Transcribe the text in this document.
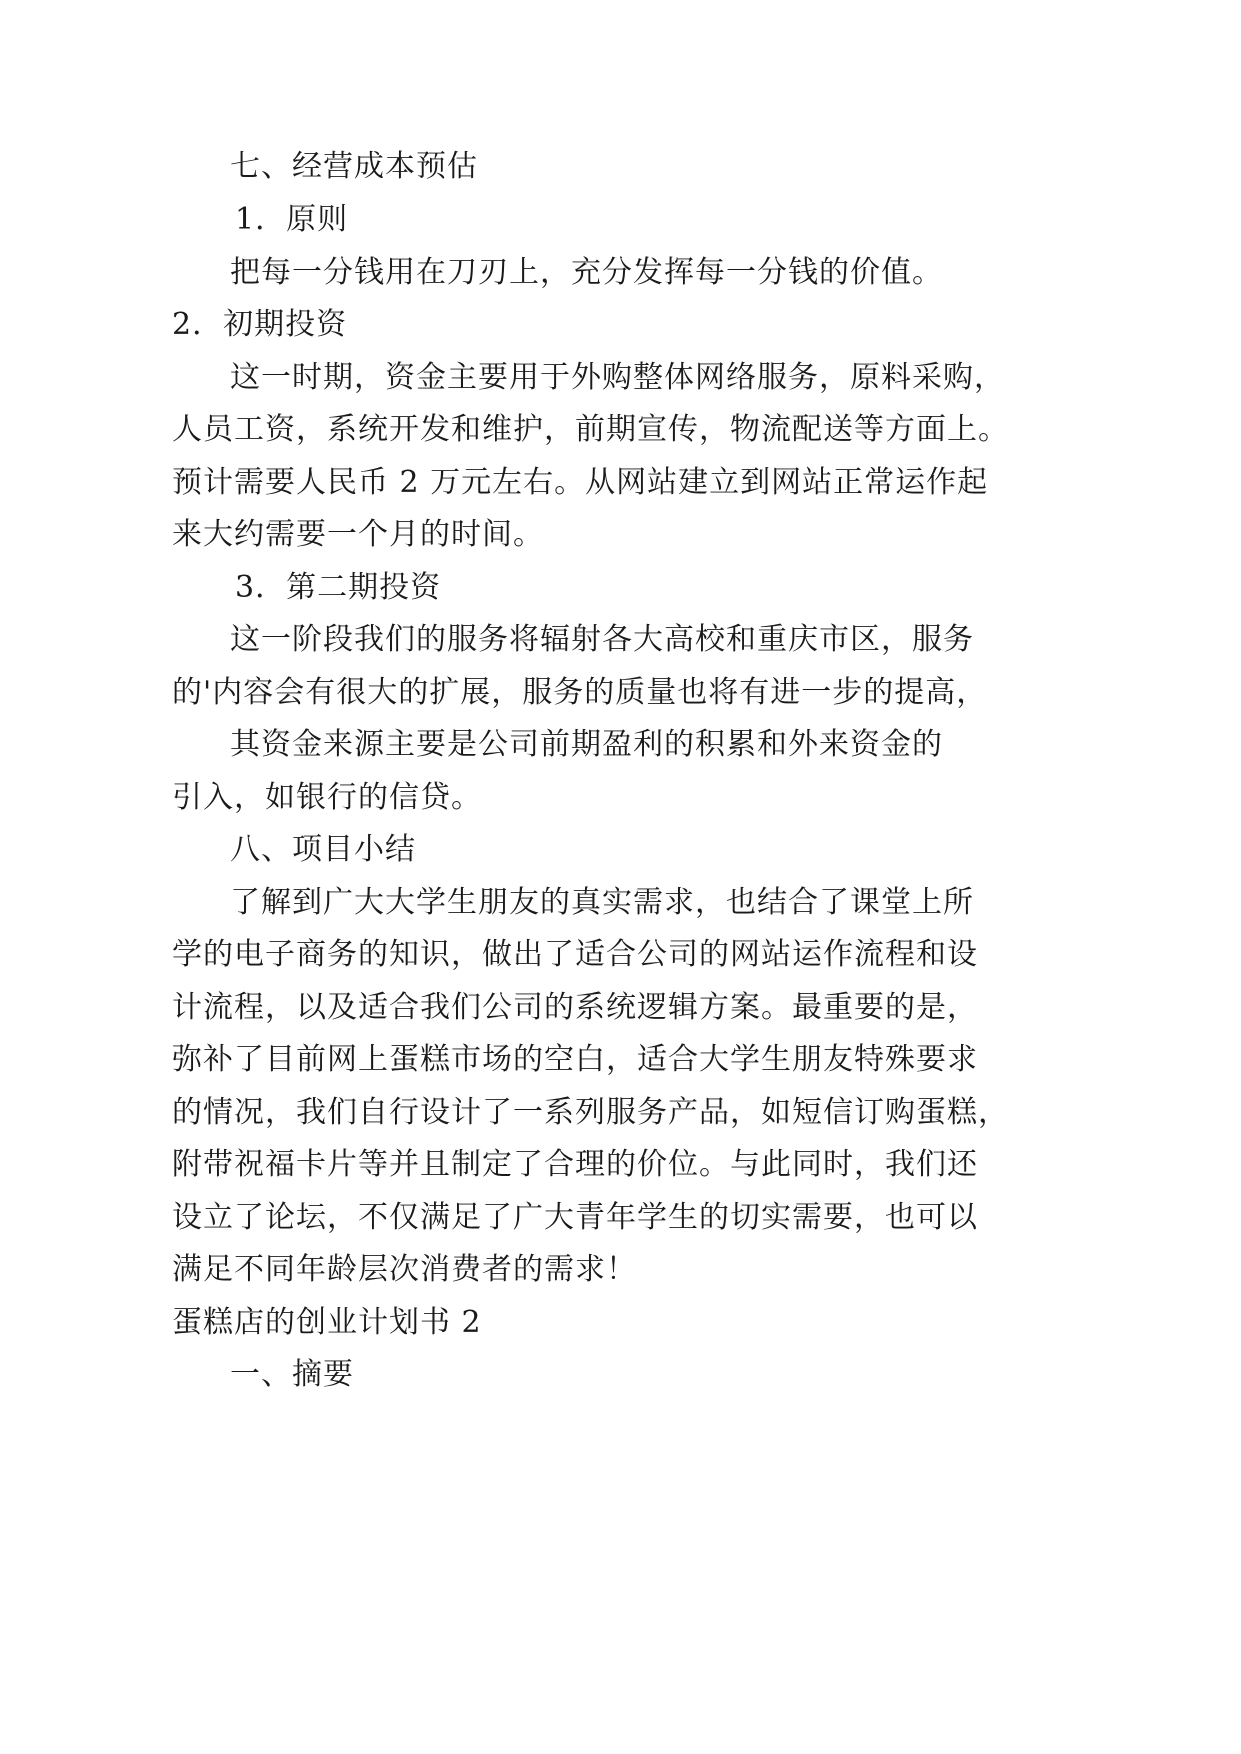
七、经营成本预估

1．原则

把每一分钱用在刀刃上，充分发挥每一分钱的价值。

2．初期投资

这一时期，资金主要用于外购整体网络服务，原料采购，

人员工资，系统开发和维护，前期宣传，物流配送等方面上。

预计需要人民币 2 万元左右。从网站建立到网站正常运作起

来大约需要一个月的时间。

3．第二期投资

这一阶段我们的服务将辐射各大高校和重庆市区，服务

的'内容会有很大的扩展，服务的质量也将有进一步的提高，

其资金来源主要是公司前期盈利的积累和外来资金的

引入，如银行的信贷。

八、项目小结

了解到广大大学生朋友的真实需求，也结合了课堂上所

学的电子商务的知识，做出了适合公司的网站运作流程和设

计流程，以及适合我们公司的系统逻辑方案。最重要的是，

弥补了目前网上蛋糕市场的空白，适合大学生朋友特殊要求

的情况，我们自行设计了一系列服务产品，如短信订购蛋糕，

附带祝福卡片等并且制定了合理的价位。与此同时，我们还

设立了论坛，不仅满足了广大青年学生的切实需要，也可以

满足不同年龄层次消费者的需求！

蛋糕店的创业计划书 2

一、摘要
